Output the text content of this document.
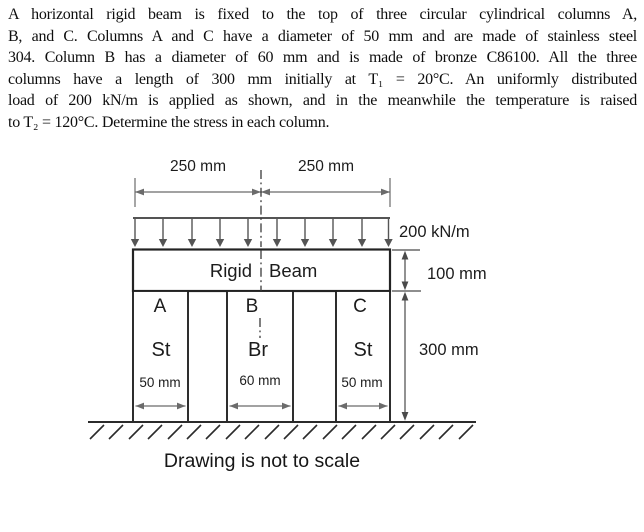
A horizontal rigid beam is fixed to the top of three circular cylindrical columns A,
B, and C. Columns A and C have a diameter of 50 mm and are made of stainless steel
304. Column B has a diameter of 60 mm and is made of bronze C86100. All the three
columns have a length of 300 mm initially at T₁ = 20°C. An uniformly distributed
load of 200 kN/m is applied as shown, and in the meanwhile the temperature is raised
to T₂ = 120°C. Determine the stress in each column.
250 mm	250 mm
200 kN/m
100 mm
300 mm
Rigid Beam
A	B	C
St	Br	St
50 mm	60 mm	50 mm
Drawing is not to scale
